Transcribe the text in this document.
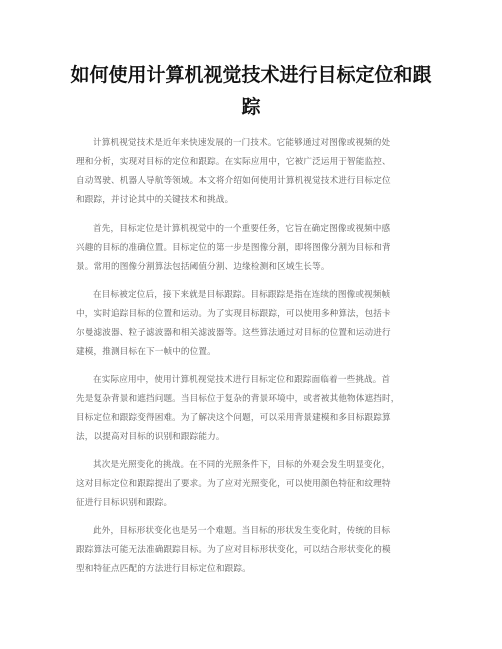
如何使用计算机视觉技术进行目标定位和跟
踪
计算机视觉技术是近年来快速发展的一门技术。它能够通过对图像或视频的处
理和分析，实现对目标的定位和跟踪。在实际应用中，它被广泛运用于智能监控、
自动驾驶、机器人导航等领域。本文将介绍如何使用计算机视觉技术进行目标定位
和跟踪，并讨论其中的关键技术和挑战。
首先，目标定位是计算机视觉中的一个重要任务，它旨在确定图像或视频中感
兴趣的目标的准确位置。目标定位的第一步是图像分割，即将图像分割为目标和背
景。常用的图像分割算法包括阈值分割、边缘检测和区域生长等。
在目标被定位后，接下来就是目标跟踪。目标跟踪是指在连续的图像或视频帧
中，实时追踪目标的位置和运动。为了实现目标跟踪，可以使用多种算法，包括卡
尔曼滤波器、粒子滤波器和相关滤波器等。这些算法通过对目标的位置和运动进行
建模，推测目标在下一帧中的位置。
在实际应用中，使用计算机视觉技术进行目标定位和跟踪面临着一些挑战。首
先是复杂背景和遮挡问题。当目标位于复杂的背景环境中，或者被其他物体遮挡时，
目标定位和跟踪变得困难。为了解决这个问题，可以采用背景建模和多目标跟踪算
法，以提高对目标的识别和跟踪能力。
其次是光照变化的挑战。在不同的光照条件下，目标的外观会发生明显变化，
这对目标定位和跟踪提出了要求。为了应对光照变化，可以使用颜色特征和纹理特
征进行目标识别和跟踪。
此外，目标形状变化也是另一个难题。当目标的形状发生变化时，传统的目标
跟踪算法可能无法准确跟踪目标。为了应对目标形状变化，可以结合形状变化的模
型和特征点匹配的方法进行目标定位和跟踪。
